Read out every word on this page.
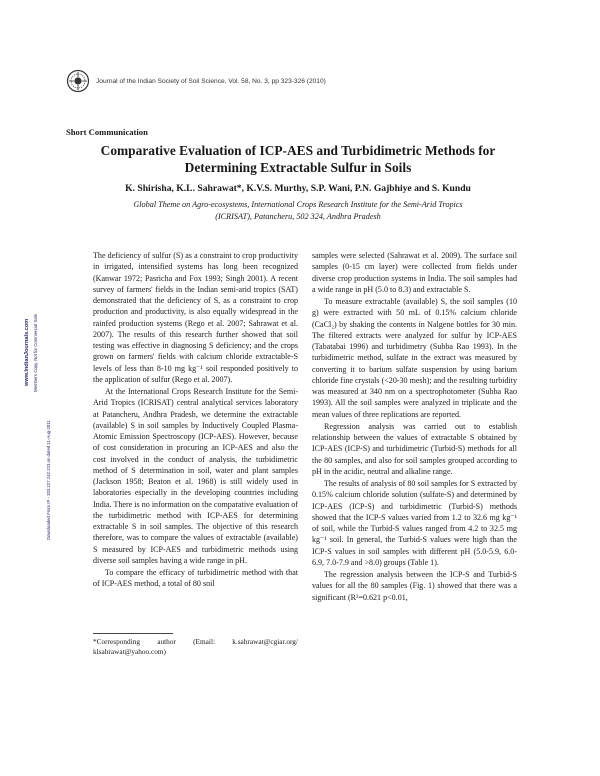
Journal of the Indian Society of Soil Science, Vol. 58, No. 3, pp 323-326 (2010)
Short Communication
Comparative Evaluation of ICP-AES and Turbidimetric Methods for
Determining Extractable Sulfur in Soils
K. Shirisha, K.L. Sahrawat*, K.V.S. Murthy, S.P. Wani, P.N. Gajbhiye and S. Kundu
Global Theme on Agro-ecosystems, International Crops Research Institute for the Semi-Arid Tropics
(ICRISAT), Patancheru, 502 324, Andhra Pradesh
www.IndianJournals.com Members Copy, Not for Commercial Sale
Downloaded From IP - 203.227.242.223 on dated 11-Aug-2011

The deficiency of sulfur (S) as a constraint to crop productivity in irrigated, intensified systems has long been recognized (Kanwar 1972; Pasricha and Fox 1993; Singh 2001). A recent survey of farmers' fields in the Indian semi-arid tropics (SAT) demonstrated that the deficiency of S, as a constraint to crop production and productivity, is also equally widespread in the rainfed production systems (Rego et al. 2007; Sahrawat et al. 2007). The results of this research further showed that soil testing was effective in diagnosing S deficiency; and the crops grown on farmers' fields with calcium chloride extractable-S levels of less than 8-10 mg kg⁻¹ soil responded positively to the application of sulfur (Rego et al. 2007).

At the International Crops Research Institute for the Semi-Arid Tropics (ICRISAT) central analytical services laboratory at Patancheru, Andhra Pradesh, we determine the extractable (available) S in soil samples by Inductively Coupled Plasma-Atomic Emission Spectroscopy (ICP-AES). However, because of cost consideration in procuring an ICP-AES and also the cost involved in the conduct of analysis, the turbidimetric method of S determination in soil, water and plant samples (Jackson 1958; Beaton et al. 1968) is still widely used in laboratories especially in the developing countries including India. There is no information on the comparative evaluation of the turbidimetric method with ICP-AES for determining extractable S in soil samples. The objective of this research therefore, was to compare the values of extractable (available) S measured by ICP-AES and turbidimetric methods using diverse soil samples having a wide range in pH.

To compare the efficacy of turbidimetric method with that of ICP-AES method, a total of 80 soil

samples were selected (Sahrawat et al. 2009). The surface soil samples (0-15 cm layer) were collected from fields under diverse crop production systems in India. The soil samples had a wide range in pH (5.0 to 8.3) and extractable S.

To measure extractable (available) S, the soil samples (10 g) were extracted with 50 mL of 0.15% calcium chloride (CaCl₂) by shaking the contents in Nalgene bottles for 30 min. The filtered extracts were analyzed for sulfur by ICP-AES (Tabatabai 1996) and turbidimetry (Subba Rao 1993). In the turbidimetric method, sulfate in the extract was measured by converting it to barium sulfate suspension by using barium chloride fine crystals (<20-30 mesh); and the resulting turbidity was measured at 340 nm on a spectrophotometer (Subba Rao 1993). All the soil samples were analyzed in triplicate and the mean values of three replications are reported.

Regression analysis was carried out to establish relationship between the values of extractable S obtained by ICP-AES (ICP-S) and turbidimetric (Turbid-S) methods for all the 80 samples, and also for soil samples grouped according to pH in the acidic, neutral and alkaline range.

The results of analysis of 80 soil samples for S extracted by 0.15% calcium chloride solution (sulfate-S) and determined by ICP-AES (ICP-S) and turbidimetric (Turbid-S) methods showed that the ICP-S values varied from 1.2 to 32.6 mg kg⁻¹ of soil, while the Turbid-S values ranged from 4.2 to 32.5 mg kg⁻¹ soil. In general, the Turbid-S values were high than the ICP-S values in soil samples with different pH (5.0-5.9, 6.0-6.9, 7.0-7.9 and >8.0) groups (Table 1).

The regression analysis between the ICP-S and Turbid-S values for all the 80 samples (Fig. 1) showed that there was a significant (R²=0.621 p<0.01,

*Corresponding author (Email: k.sahrawat@cgiar.org/ klsahrawat@yahoo.com)
